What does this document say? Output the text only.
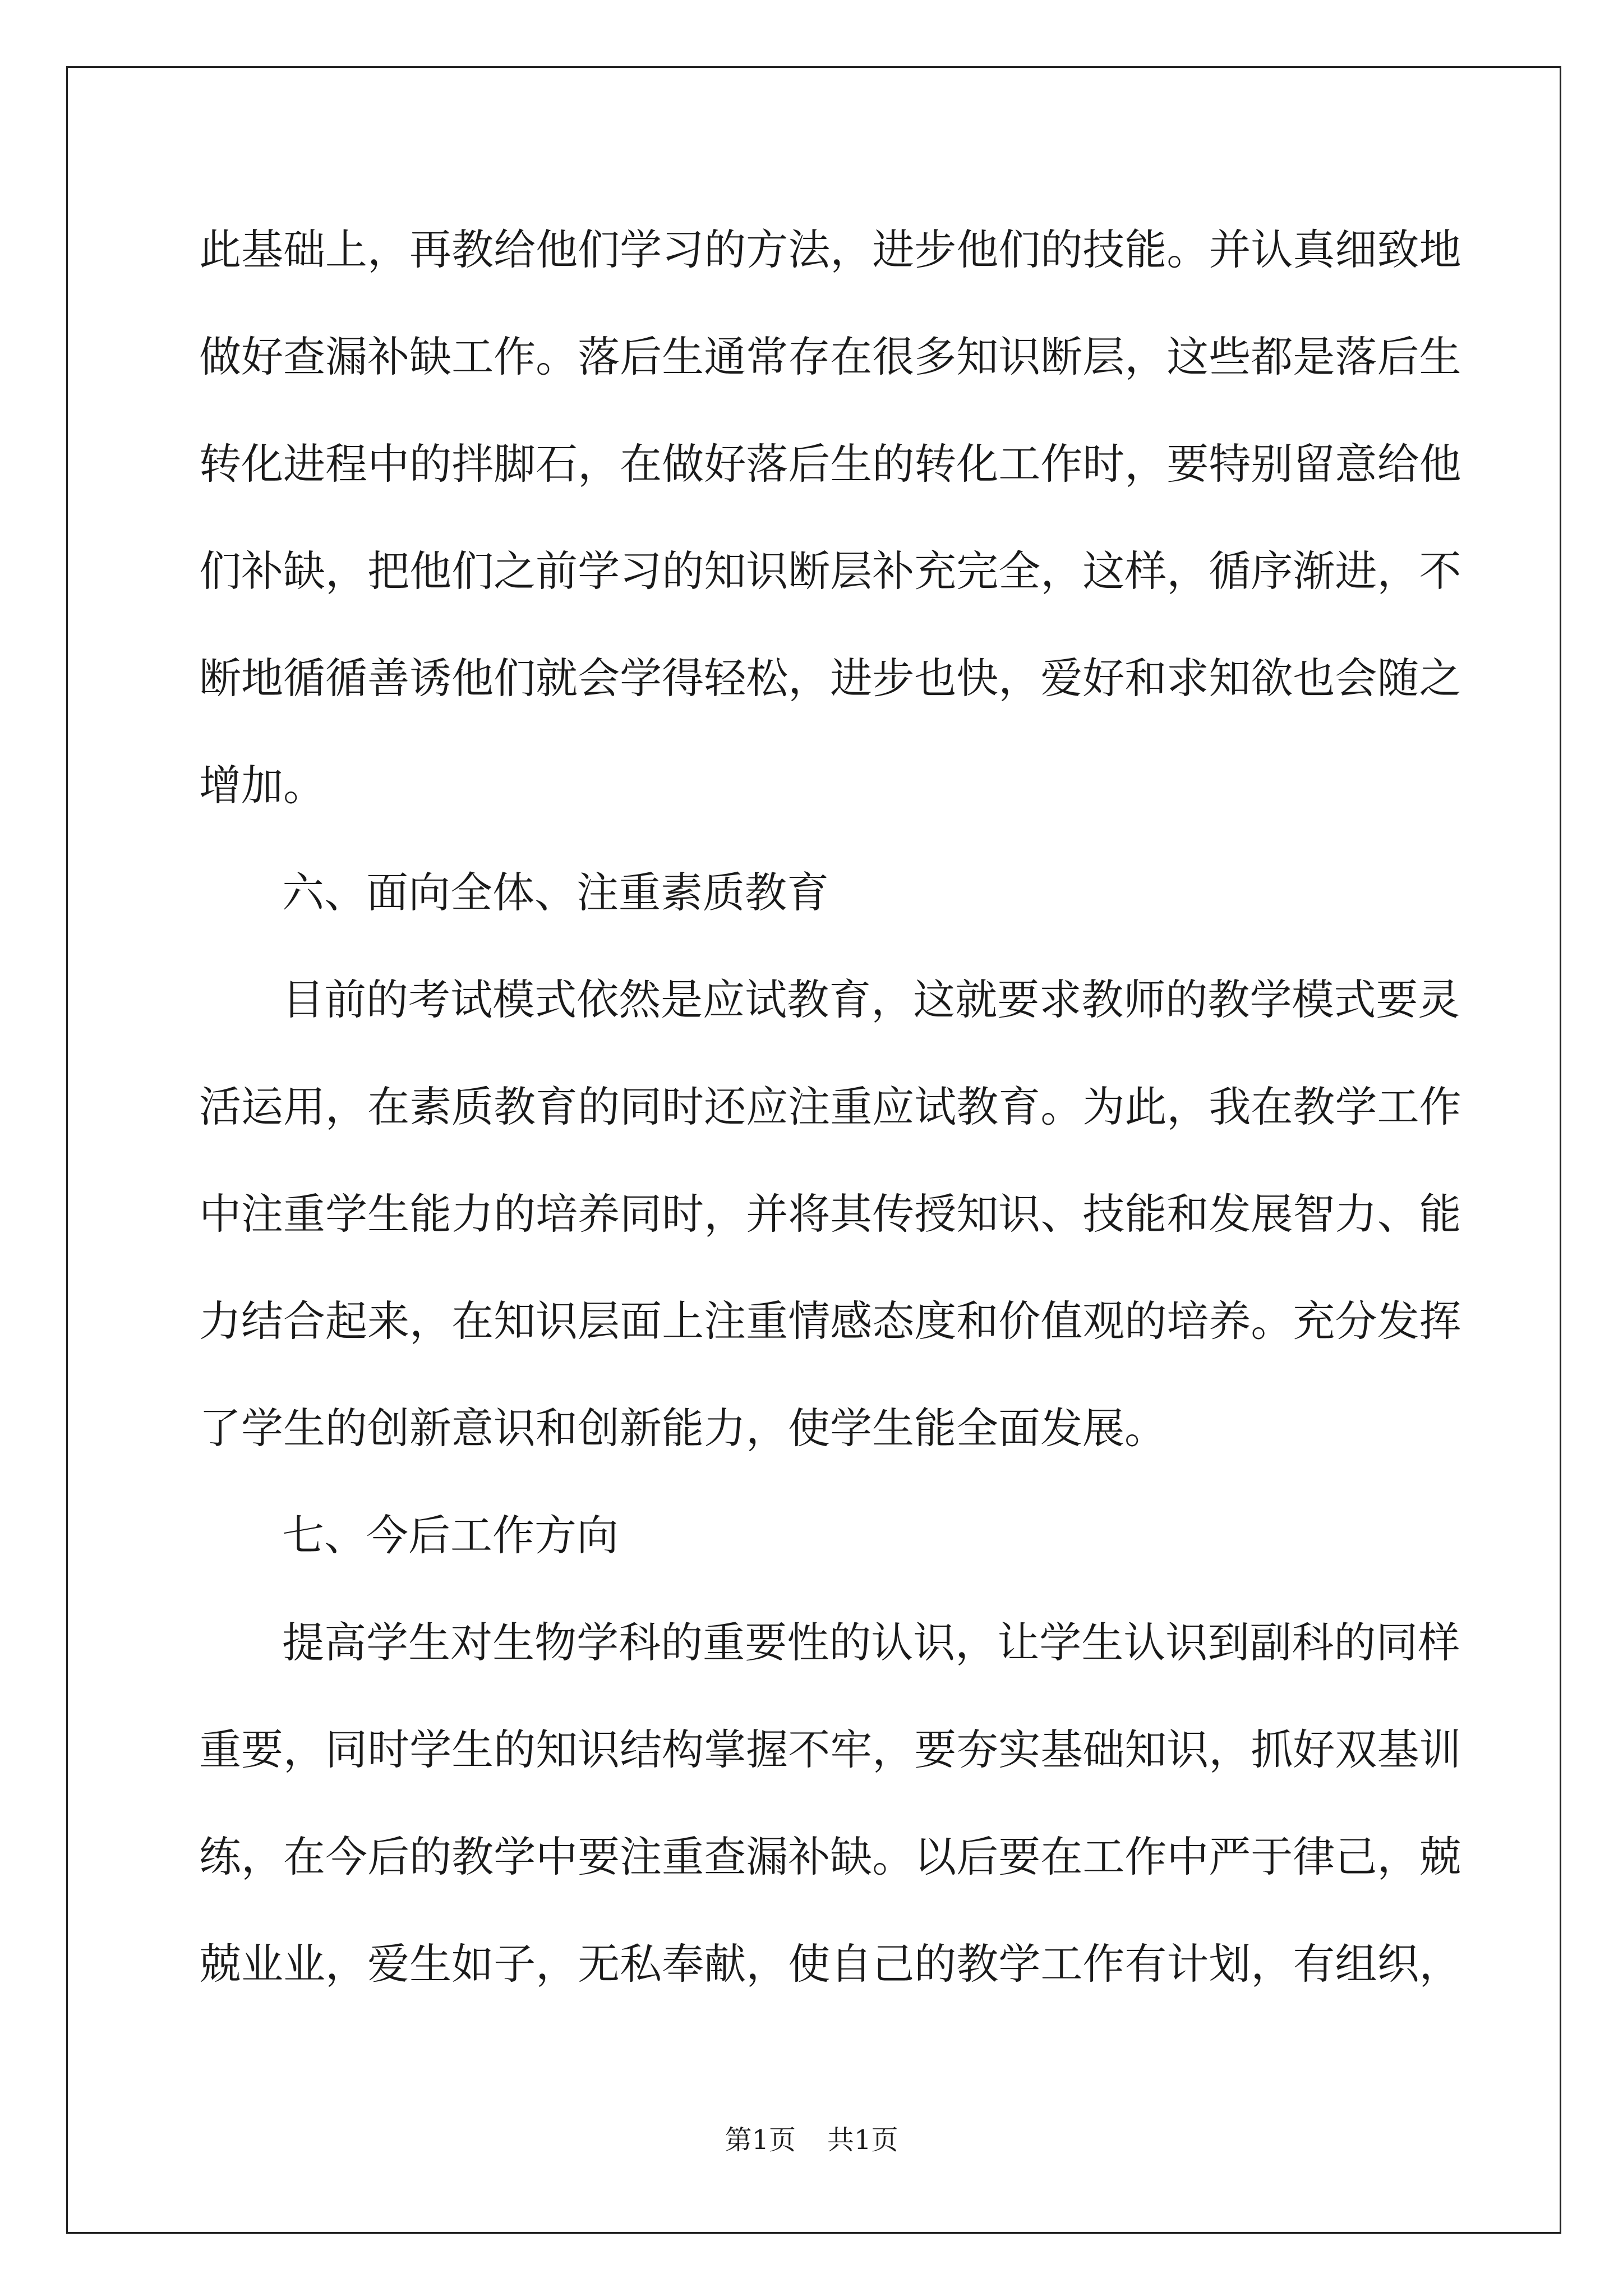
此 基 础 上 ， 再 教 给 他 们 学 习 的 方 法 ， 进 步 他 们 的 技 能 。 并 认 真 细 致 地
做 好 查 漏 补 缺 工 作 。 落 后 生 通 常 存 在 很 多 知 识 断 层 ， 这 些 都 是 落 后 生
转 化 进 程 中 的 拌 脚 石 ， 在 做 好 落 后 生 的 转 化 工 作 时 ， 要 特 别 留 意 给 他
们 补 缺 ， 把 他 们 之 前 学 习 的 知 识 断 层 补 充 完 全 ， 这 样 ， 循 序 渐 进 ， 不
断 地 循 循 善 诱 他 们 就 会 学 得 轻 松 ， 进 步 也 快 ， 爱 好 和 求 知 欲 也 会 随 之
增加。
六、面向全体、注重素质教育
目 前 的 考 试 模 式 依 然 是 应 试 教 育 ， 这 就 要 求 教 师 的 教 学 模 式 要 灵
活 运 用 ， 在 素 质 教 育 的 同 时 还 应 注 重 应 试 教 育 。 为 此 ， 我 在 教 学 工 作
中 注 重 学 生 能 力 的 培 养 同 时 ， 并 将 其 传 授 知 识 、 技 能 和 发 展 智 力 、 能
力 结 合 起 来 ， 在 知 识 层 面 上 注 重 情 感 态 度 和 价 值 观 的 培 养 。 充 分 发 挥
了学生的创新意识和创新能力，使学生能全面发展。
七、今后工作方向
提 高 学 生 对 生 物 学 科 的 重 要 性 的 认 识 ， 让 学 生 认 识 到 副 科 的 同 样
重 要 ， 同 时 学 生 的 知 识 结 构 掌 握 不 牢 ， 要 夯 实 基 础 知 识 ， 抓 好 双 基 训
练 ， 在 今 后 的 教 学 中 要 注 重 查 漏 补 缺 。 以 后 要 在 工 作 中 严 于 律 己 ， 兢
兢 业 业 ， 爱 生 如 子 ， 无 私 奉 献 ， 使 自 己 的 教 学 工 作 有 计 划 ， 有 组 织 ，
第1页 共1页
